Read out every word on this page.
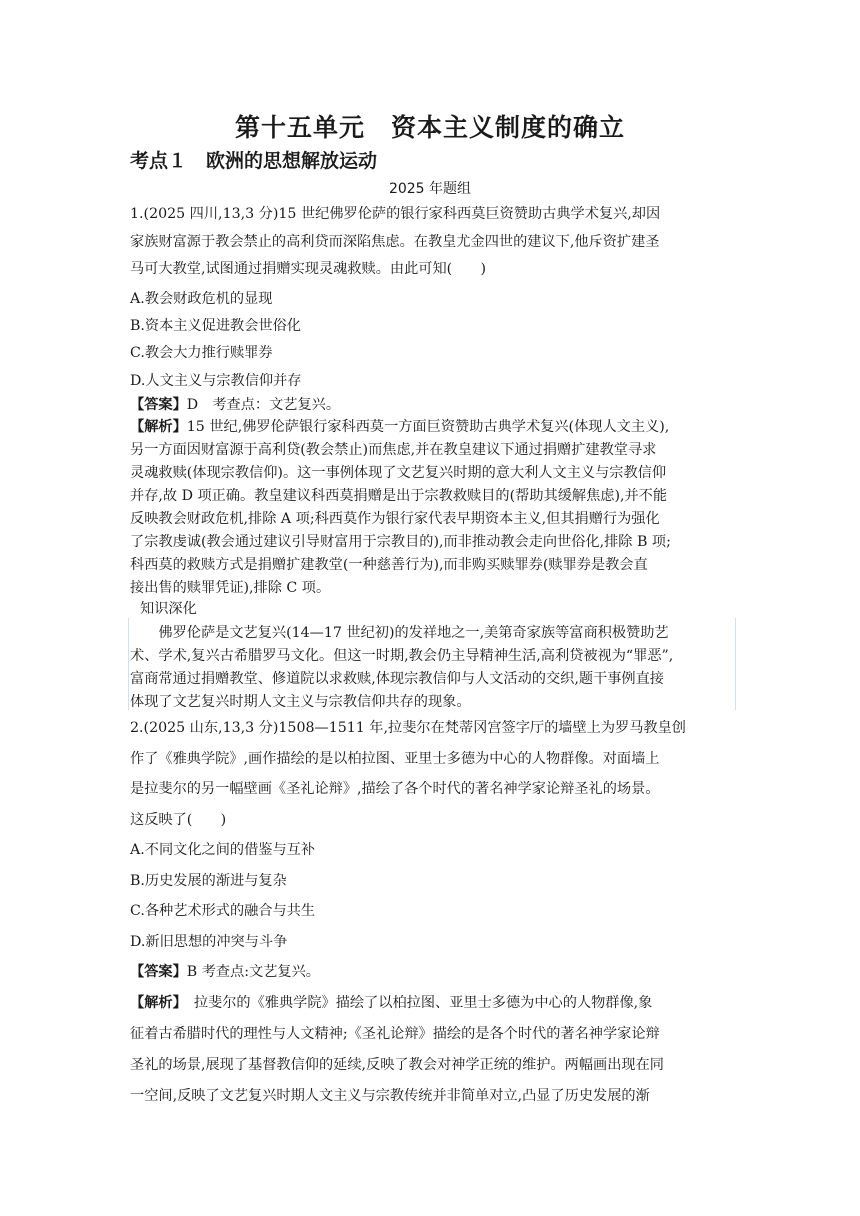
第十五单元　资本主义制度的确立
考点１　欧洲的思想解放运动
2025 年题组
1.(2025 四川,13,3 分)15 世纪佛罗伦萨的银行家科西莫巨资赞助古典学术复兴,却因
家族财富源于教会禁止的高利贷而深陷焦虑。在教皇尤金四世的建议下,他斥资扩建圣
马可大教堂,试图通过捐赠实现灵魂救赎。由此可知(　　)
A.教会财政危机的显现
B.资本主义促进教会世俗化
C.教会大力推行赎罪券
D.人文主义与宗教信仰并存
【答案】D　考查点：文艺复兴。
【解析】15 世纪,佛罗伦萨银行家科西莫一方面巨资赞助古典学术复兴(体现人文主义),
另一方面因财富源于高利贷(教会禁止)而焦虑,并在教皇建议下通过捐赠扩建教堂寻求
灵魂救赎(体现宗教信仰)。这一事例体现了文艺复兴时期的意大利人文主义与宗教信仰
并存,故 D 项正确。教皇建议科西莫捐赠是出于宗教救赎目的(帮助其缓解焦虑),并不能
反映教会财政危机,排除 A 项;科西莫作为银行家代表早期资本主义,但其捐赠行为强化
了宗教虔诚(教会通过建议引导财富用于宗教目的),而非推动教会走向世俗化,排除 B 项;
科西莫的救赎方式是捐赠扩建教堂(一种慈善行为),而非购买赎罪券(赎罪券是教会直
接出售的赎罪凭证),排除 C 项。
知识深化
　　佛罗伦萨是文艺复兴(14—17 世纪初)的发祥地之一,美第奇家族等富商积极赞助艺
术、学术,复兴古希腊罗马文化。但这一时期,教会仍主导精神生活,高利贷被视为“罪恶”,
富商常通过捐赠教堂、修道院以求救赎,体现宗教信仰与人文活动的交织,题干事例直接
体现了文艺复兴时期人文主义与宗教信仰共存的现象。
2.(2025 山东,13,3 分)1508—1511 年,拉斐尔在梵蒂冈宫签字厅的墙壁上为罗马教皇创
作了《雅典学院》,画作描绘的是以柏拉图、亚里士多德为中心的人物群像。对面墙上
是拉斐尔的另一幅壁画《圣礼论辩》,描绘了各个时代的著名神学家论辩圣礼的场景。
这反映了(　　)
A.不同文化之间的借鉴与互补
B.历史发展的渐进与复杂
C.各种艺术形式的融合与共生
D.新旧思想的冲突与斗争
【答案】B 考查点:文艺复兴。
【解析】　拉斐尔的《雅典学院》描绘了以柏拉图、亚里士多德为中心的人物群像,象
征着古希腊时代的理性与人文精神;《圣礼论辩》描绘的是各个时代的著名神学家论辩
圣礼的场景,展现了基督教信仰的延续,反映了教会对神学正统的维护。两幅画出现在同
一空间,反映了文艺复兴时期人文主义与宗教传统并非简单对立,凸显了历史发展的渐
